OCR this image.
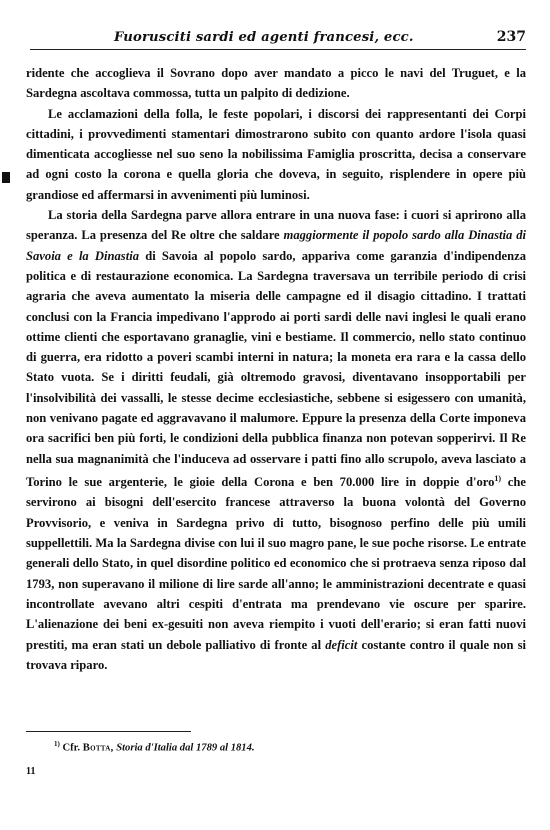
Fuorusciti sardi ed agenti francesi, ecc.	237

ridente che accoglieva il Sovrano dopo aver mandato a picco le navi del Truguet, e la Sardegna ascoltava commossa, tutta un palpito di dedizione.

Le acclamazioni della folla, le feste popolari, i discorsi dei rappresentanti dei Corpi cittadini, i provvedimenti stamentari dimostrarono subito con quanto ardore l'isola quasi dimenticata accogliesse nel suo seno la nobilissima Famiglia proscritta, decisa a conservare ad ogni costo la corona e quella gloria che doveva, in seguito, risplendere in opere più grandiose ed affermarsi in avvenimenti più luminosi.

La storia della Sardegna parve allora entrare in una nuova fase: i cuori si aprirono alla speranza. La presenza del Re oltre che saldare maggiormente il popolo sardo alla Dinastia di Savoia e la Dinastia di Savoia al popolo sardo, appariva come garanzia d'indipendenza politica e di restaurazione economica. La Sardegna traversava un terribile periodo di crisi agraria che aveva aumentato la miseria delle campagne ed il disagio cittadino. I trattati conclusi con la Francia impedivano l'approdo ai porti sardi delle navi inglesi le quali erano ottime clienti che esportavano granaglie, vini e bestiame. Il commercio, nello stato continuo di guerra, era ridotto a poveri scambi interni in natura; la moneta era rara e la cassa dello Stato vuota. Se i diritti feudali, già oltremodo gravosi, diventavano insopportabili per l'insolvibilità dei vassalli, le stesse decime ecclesiastiche, sebbene si esigessero con umanità, non venivano pagate ed aggravavano il malumore. Eppure la presenza della Corte imponeva ora sacrifici ben più forti, le condizioni della pubblica finanza non potevan sopperirvi. Il Re nella sua magnanimità che l'induceva ad osservare i patti fino allo scrupolo, aveva lasciato a Torino le sue argenterie, le gioie della Corona e ben 70.000 lire in doppie d'oro$^{1)}$ che servirono ai bisogni dell'esercito francese attraverso la buona volontà del Governo Provvisorio, e veniva in Sardegna privo di tutto, bisognoso perfino delle più umili suppellettili. Ma la Sardegna divise con lui il suo magro pane, le sue poche risorse. Le entrate generali dello Stato, in quel disordine politico ed economico che si protraeva senza riposo dal 1793, non superavano il milione di lire sarde all'anno; le amministrazioni decentrate e quasi incontrollate avevano altri cespiti d'entrata ma prendevano vie oscure per sparire. L'alienazione dei beni ex-gesuiti non aveva riempito i vuoti dell'erario; si eran fatti nuovi prestiti, ma eran stati un debole palliativo di fronte al deficit costante contro il quale non si trovava riparo.

$^{1)}$ Cfr. Botta, Storia d'Italia dal 1789 al 1814.
11
